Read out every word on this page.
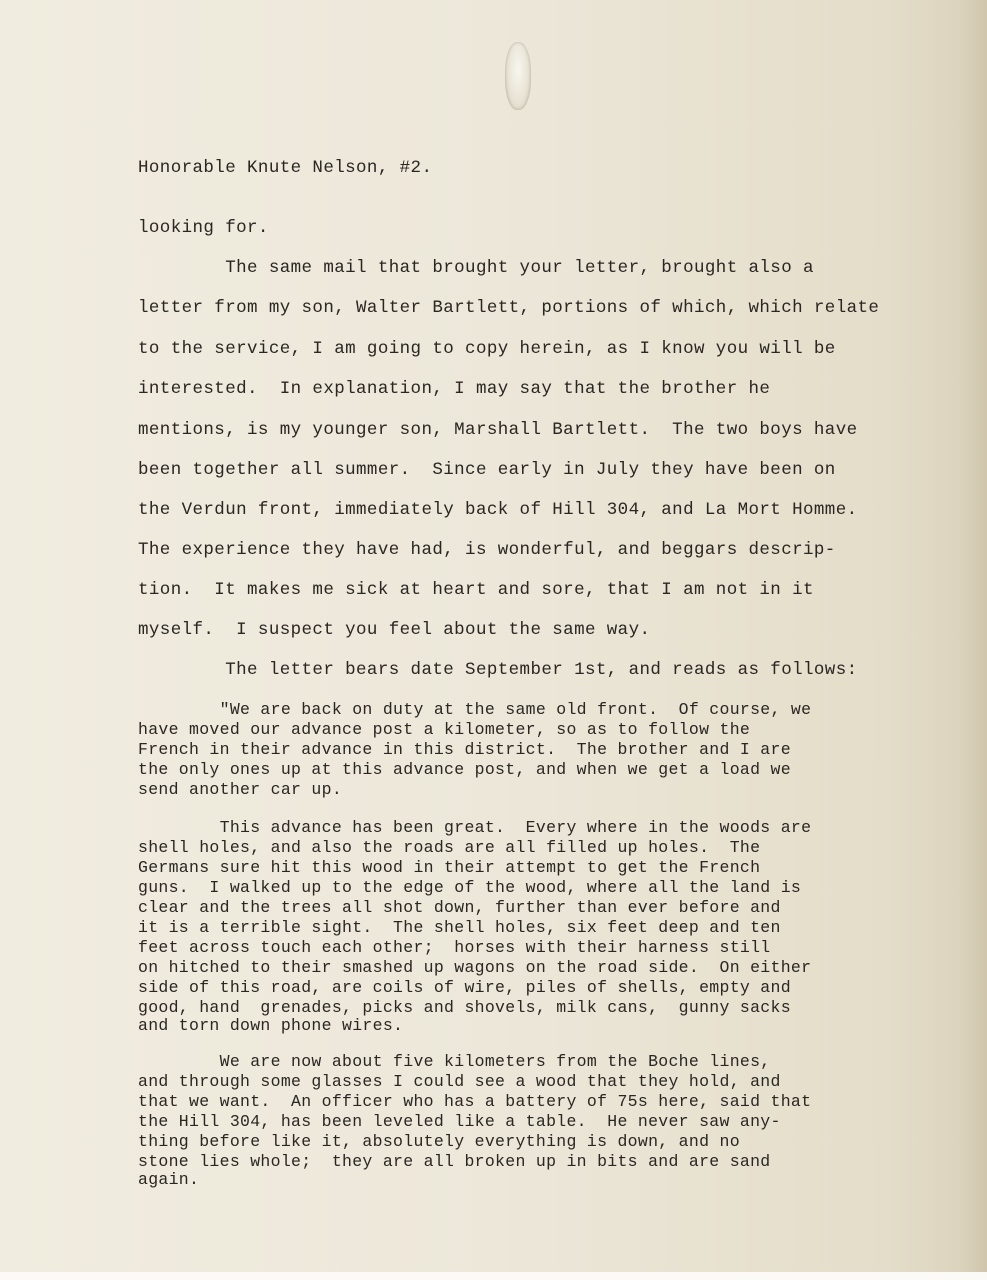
Honorable Knute Nelson, #2.

looking for.

The same mail that brought your letter, brought also a

letter from my son, Walter Bartlett, portions of which, which relate

to the service, I am going to copy herein, as I know you will be

interested.  In explanation, I may say that the brother he

mentions, is my younger son, Marshall Bartlett.  The two boys have

been together all summer.  Since early in July they have been on

the Verdun front, immediately back of Hill 304, and La Mort Homme.

The experience they have had, is wonderful, and beggars descrip-

tion.  It makes me sick at heart and sore, that I am not in it

myself.  I suspect you feel about the same way.

The letter bears date September 1st, and reads as follows:

"We are back on duty at the same old front.  Of course, we

have moved our advance post a kilometer, so as to follow the

French in their advance in this district.  The brother and I are

the only ones up at this advance post, and when we get a load we

send another car up.

This advance has been great.  Every where in the woods are

shell holes, and also the roads are all filled up holes.  The

Germans sure hit this wood in their attempt to get the French

guns.  I walked up to the edge of the wood, where all the land is

clear and the trees all shot down, further than ever before and

it is a terrible sight.  The shell holes, six feet deep and ten

feet across touch each other;  horses with their harness still

on hitched to their smashed up wagons on the road side.  On either

side of this road, are coils of wire, piles of shells, empty and

good, hand  grenades, picks and shovels, milk cans,  gunny sacks

and torn down phone wires.

We are now about five kilometers from the Boche lines,

and through some glasses I could see a wood that they hold, and

that we want.  An officer who has a battery of 75s here, said that

the Hill 304, has been leveled like a table.  He never saw any-

thing before like it, absolutely everything is down, and no

stone lies whole;  they are all broken up in bits and are sand

again.
